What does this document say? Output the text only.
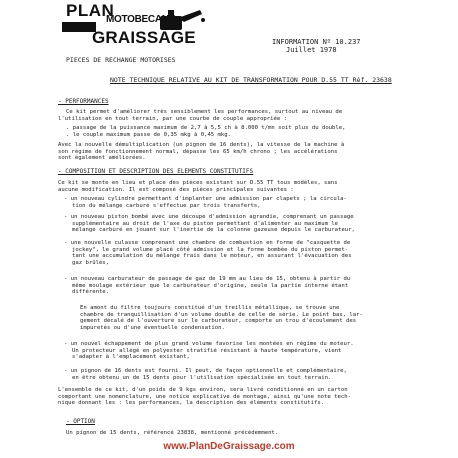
PLAN
MOTOBECANE
GRAISSAGE	INFORMATION Nº 10.237
Juillet 1978
PIECES DE RECHANGE MOTORISES
NOTE TECHNIQUE RELATIVE AU KIT DE TRANSFORMATION POUR D.55 TT Réf. 23638
- PERFORMANCES
Ce kit permet d'améliorer très sensiblement les performances, surtout au niveau de
l'utilisation en tout terrain, par une courbe de couple appropriée :
. passage de la puissance maximum de 2,7 à 5,5 ch à 8.000 t/mn soit plus du double,
. le couple maximum passe de 0,35 mkg à 0,45 mkg.
Avec la nouvelle démultiplication (un pignon de 16 dents), la vitesse de la machine à
son régime de fonctionnement normal, dépasse les 65 km/h chrono ; les accélérations
sont également améliorées.
- COMPOSITION ET DESCRIPTION DES ELEMENTS CONSTITUTIFS
Ce kit se monte en lieu et place des pièces existant sur D.55 TT tous modèles, sans
aucune modification. Il est composé des pièces principales suivantes :
- un nouveau cylindre permettant d'implanter une admission par clapets ; la circula-
tion du mélange carburé s'effectue par trois transferts,
- un nouveau piston bombé avec une découpe d'admission agrandie, comprenant un passage
supplémentaire au droit de l'axe du piston permettant d'alimenter au maximum le
mélange carburé en jouant sur l'inertie de la colonne gazeuse depuis le carburateur,
- une nouvelle culasse comprenant une chambre de combustion en forme de "casquette de
jockey", le grand volume placé côté admission et la forme bombée du piston permet-
tant une accumulation du mélange frais dans le moteur, en assurant l'évacuation des
gaz brûlés,
- un nouveau carburateur de passage de gaz de 19 mm au lieu de 15, obtenu à partir du
même moulage extérieur que le carburateur d'origine, seule la partie interne étant
différente.
En amont du filtre toujours constitué d'un treillis métallique, se trouve une
chambre de tranquillisation d'un volume double de celle de série. Le point bas, lar-
gement décalé de l'ouverture sur le carburateur, comporte un trou d'écoulement des
impuretés ou d'une éventuelle condensation.
- un nouvel échappement de plus grand volume favorise les montées en régime du moteur.
Un protecteur allégé en polyester stratifié résistant à haute température, vient
s'adapter à l'emplacement existant,
- un pignon de 16 dents est fourni. Il peut, de façon optionnelle et complémentaire,
en être obtenu un de 15 dents pour l'utilisation spécialisée en tout terrain.
L'ensemble de ce kit, d'un poids de 9 kgs environ, sera livré conditionné en un carton
comportant une nomenclature, une notice explicative de montage, ainsi qu'une note tech-
nique donnant les : les performances, la description des éléments constitutifs.
- OPTION
Un pignon de 15 dents, référencé 23838, mentionné précédemment.
www.PlanDeGraissage.com
